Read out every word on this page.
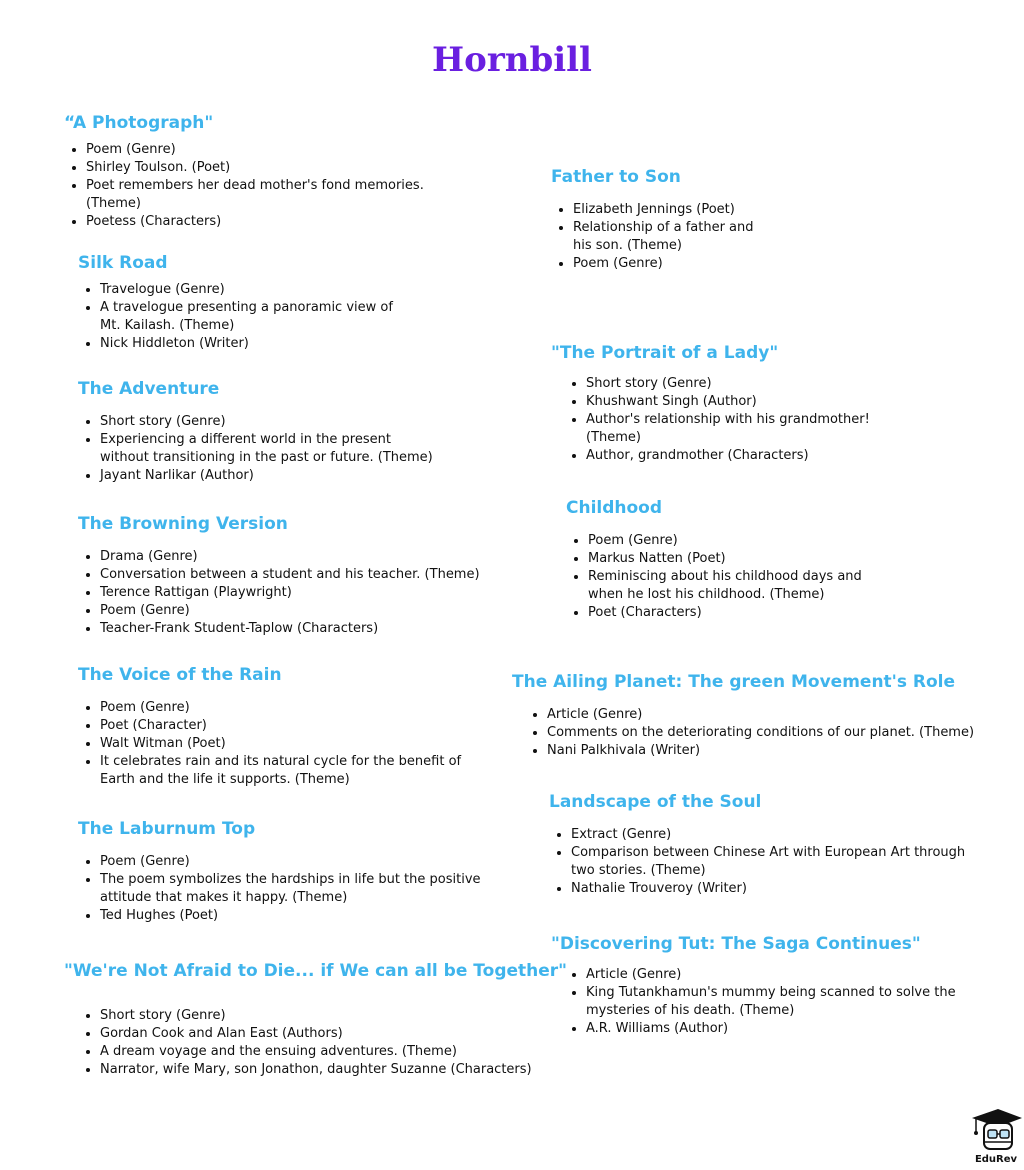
Hornbill
“A Photograph"
• Poem (Genre)
• Shirley Toulson. (Poet)
• Poet remembers her dead mother's fond memories.
(Theme)
• Poetess (Characters)
Silk Road
• Travelogue (Genre)
• A travelogue presenting a panoramic view of
Mt. Kailash. (Theme)
• Nick Hiddleton (Writer)
The Adventure
• Short story (Genre)
• Experiencing a different world in the present
without transitioning in the past or future. (Theme)
• Jayant Narlikar (Author)
The Browning Version
• Drama (Genre)
• Conversation between a student and his teacher. (Theme)
• Terence Rattigan (Playwright)
• Poem (Genre)
• Teacher-Frank Student-Taplow (Characters)
The Voice of the Rain
• Poem (Genre)
• Poet (Character)
• Walt Witman (Poet)
• It celebrates rain and its natural cycle for the benefit of
Earth and the life it supports. (Theme)
The Laburnum Top
• Poem (Genre)
• The poem symbolizes the hardships in life but the positive
attitude that makes it happy. (Theme)
• Ted Hughes (Poet)
"We're Not Afraid to Die... if We can all be Together"
• Short story (Genre)
• Gordan Cook and Alan East (Authors)
• A dream voyage and the ensuing adventures. (Theme)
• Narrator, wife Mary, son Jonathon, daughter Suzanne (Characters)
Father to Son
• Elizabeth Jennings (Poet)
• Relationship of a father and
his son. (Theme)
• Poem (Genre)
"The Portrait of a Lady"
• Short story (Genre)
• Khushwant Singh (Author)
• Author's relationship with his grandmother!
(Theme)
• Author, grandmother (Characters)
Childhood
• Poem (Genre)
• Markus Natten (Poet)
• Reminiscing about his childhood days and
when he lost his childhood. (Theme)
• Poet (Characters)
The Ailing Planet: The green Movement's Role
• Article (Genre)
• Comments on the deteriorating conditions of our planet. (Theme)
• Nani Palkhivala (Writer)
Landscape of the Soul
• Extract (Genre)
• Comparison between Chinese Art with European Art through
two stories. (Theme)
• Nathalie Trouveroy (Writer)
"Discovering Tut: The Saga Continues"
• Article (Genre)
• King Tutankhamun's mummy being scanned to solve the
mysteries of his death. (Theme)
• A.R. Williams (Author)
EduRev
